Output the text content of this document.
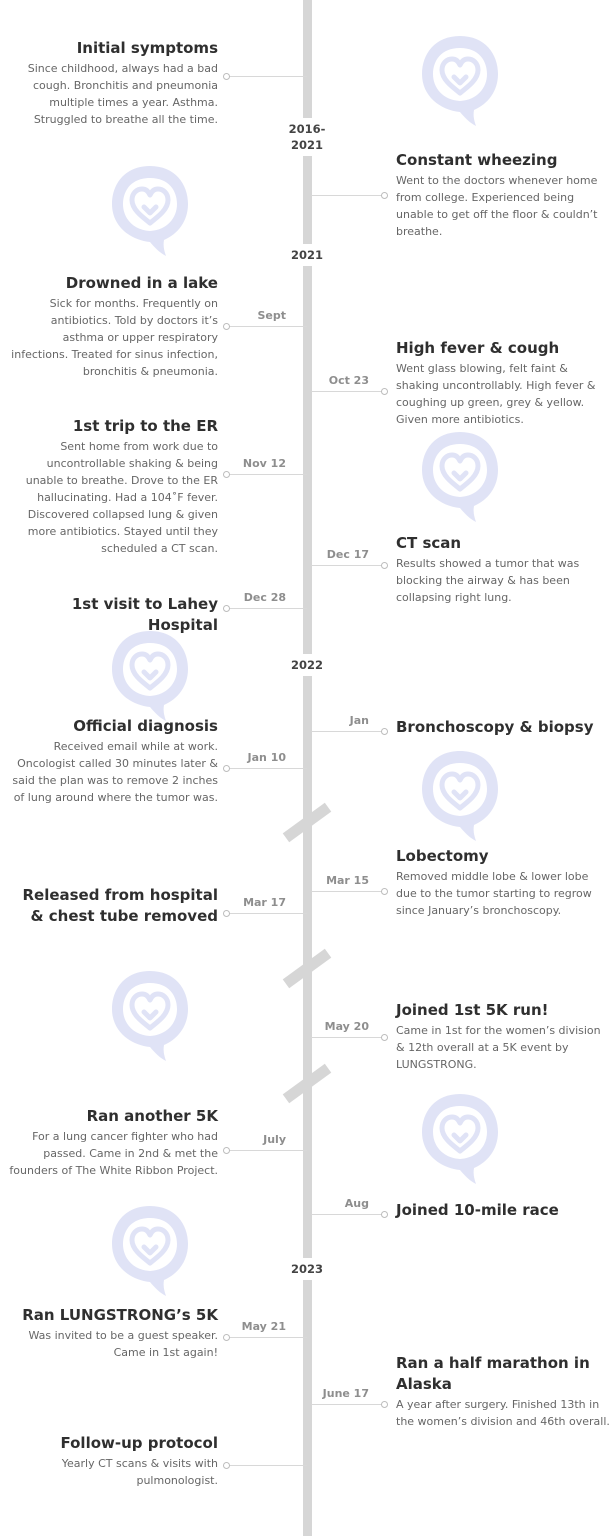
2016-
2021
2021
2022
2023
Initial symptoms
Since childhood, always had a bad cough. Bronchitis and pneumonia multiple times a year. Asthma. Struggled to breathe all the time.
Constant wheezing
Went to the doctors whenever home from college. Experienced being unable to get off the floor & couldn’t breathe.
Sept
Drowned in a lake
Sick for months. Frequently on antibiotics. Told by doctors it’s asthma or upper respiratory infections. Treated for sinus infection, bronchitis & pneumonia.
Oct 23
High fever & cough
Went glass blowing, felt faint & shaking uncontrollably. High fever & coughing up green, grey & yellow. Given more antibiotics.
Nov 12
1st trip to the ER
Sent home from work due to uncontrollable shaking & being unable to breathe. Drove to the ER hallucinating. Had a 104˚F fever. Discovered collapsed lung & given more antibiotics. Stayed until they scheduled a CT scan.	Dec 17
CT scan
Results showed a tumor that was blocking the airway & has been collapsing right lung.
Dec 28
1st visit to Lahey Hospital
Jan Bronchoscopy & biopsy
Jan 10
Official diagnosis
Received email while at work. Oncologist called 30 minutes later & said the plan was to remove 2 inches of lung around where the tumor was.
Mar 15
Lobectomy
Removed middle lobe & lower lobe due to the tumor starting to regrow since January’s bronchoscopy.
Mar 17
Released from hospital & chest tube removed
May 20
Joined 1st 5K run!
Came in 1st for the women’s division & 12th overall at a 5K event by LUNGSTRONG.
July
Ran another 5K
For a lung cancer fighter who had passed. Came in 2nd & met the founders of The White Ribbon Project.
Aug Joined 10-mile race
May 21
Ran LUNGSTRONG’s 5K
Was invited to be a guest speaker. Came in 1st again!
June 17
Ran a half marathon in Alaska
A year after surgery. Finished 13th in the women’s division and 46th overall.
Follow-up protocol
Yearly CT scans & visits with pulmonologist.
